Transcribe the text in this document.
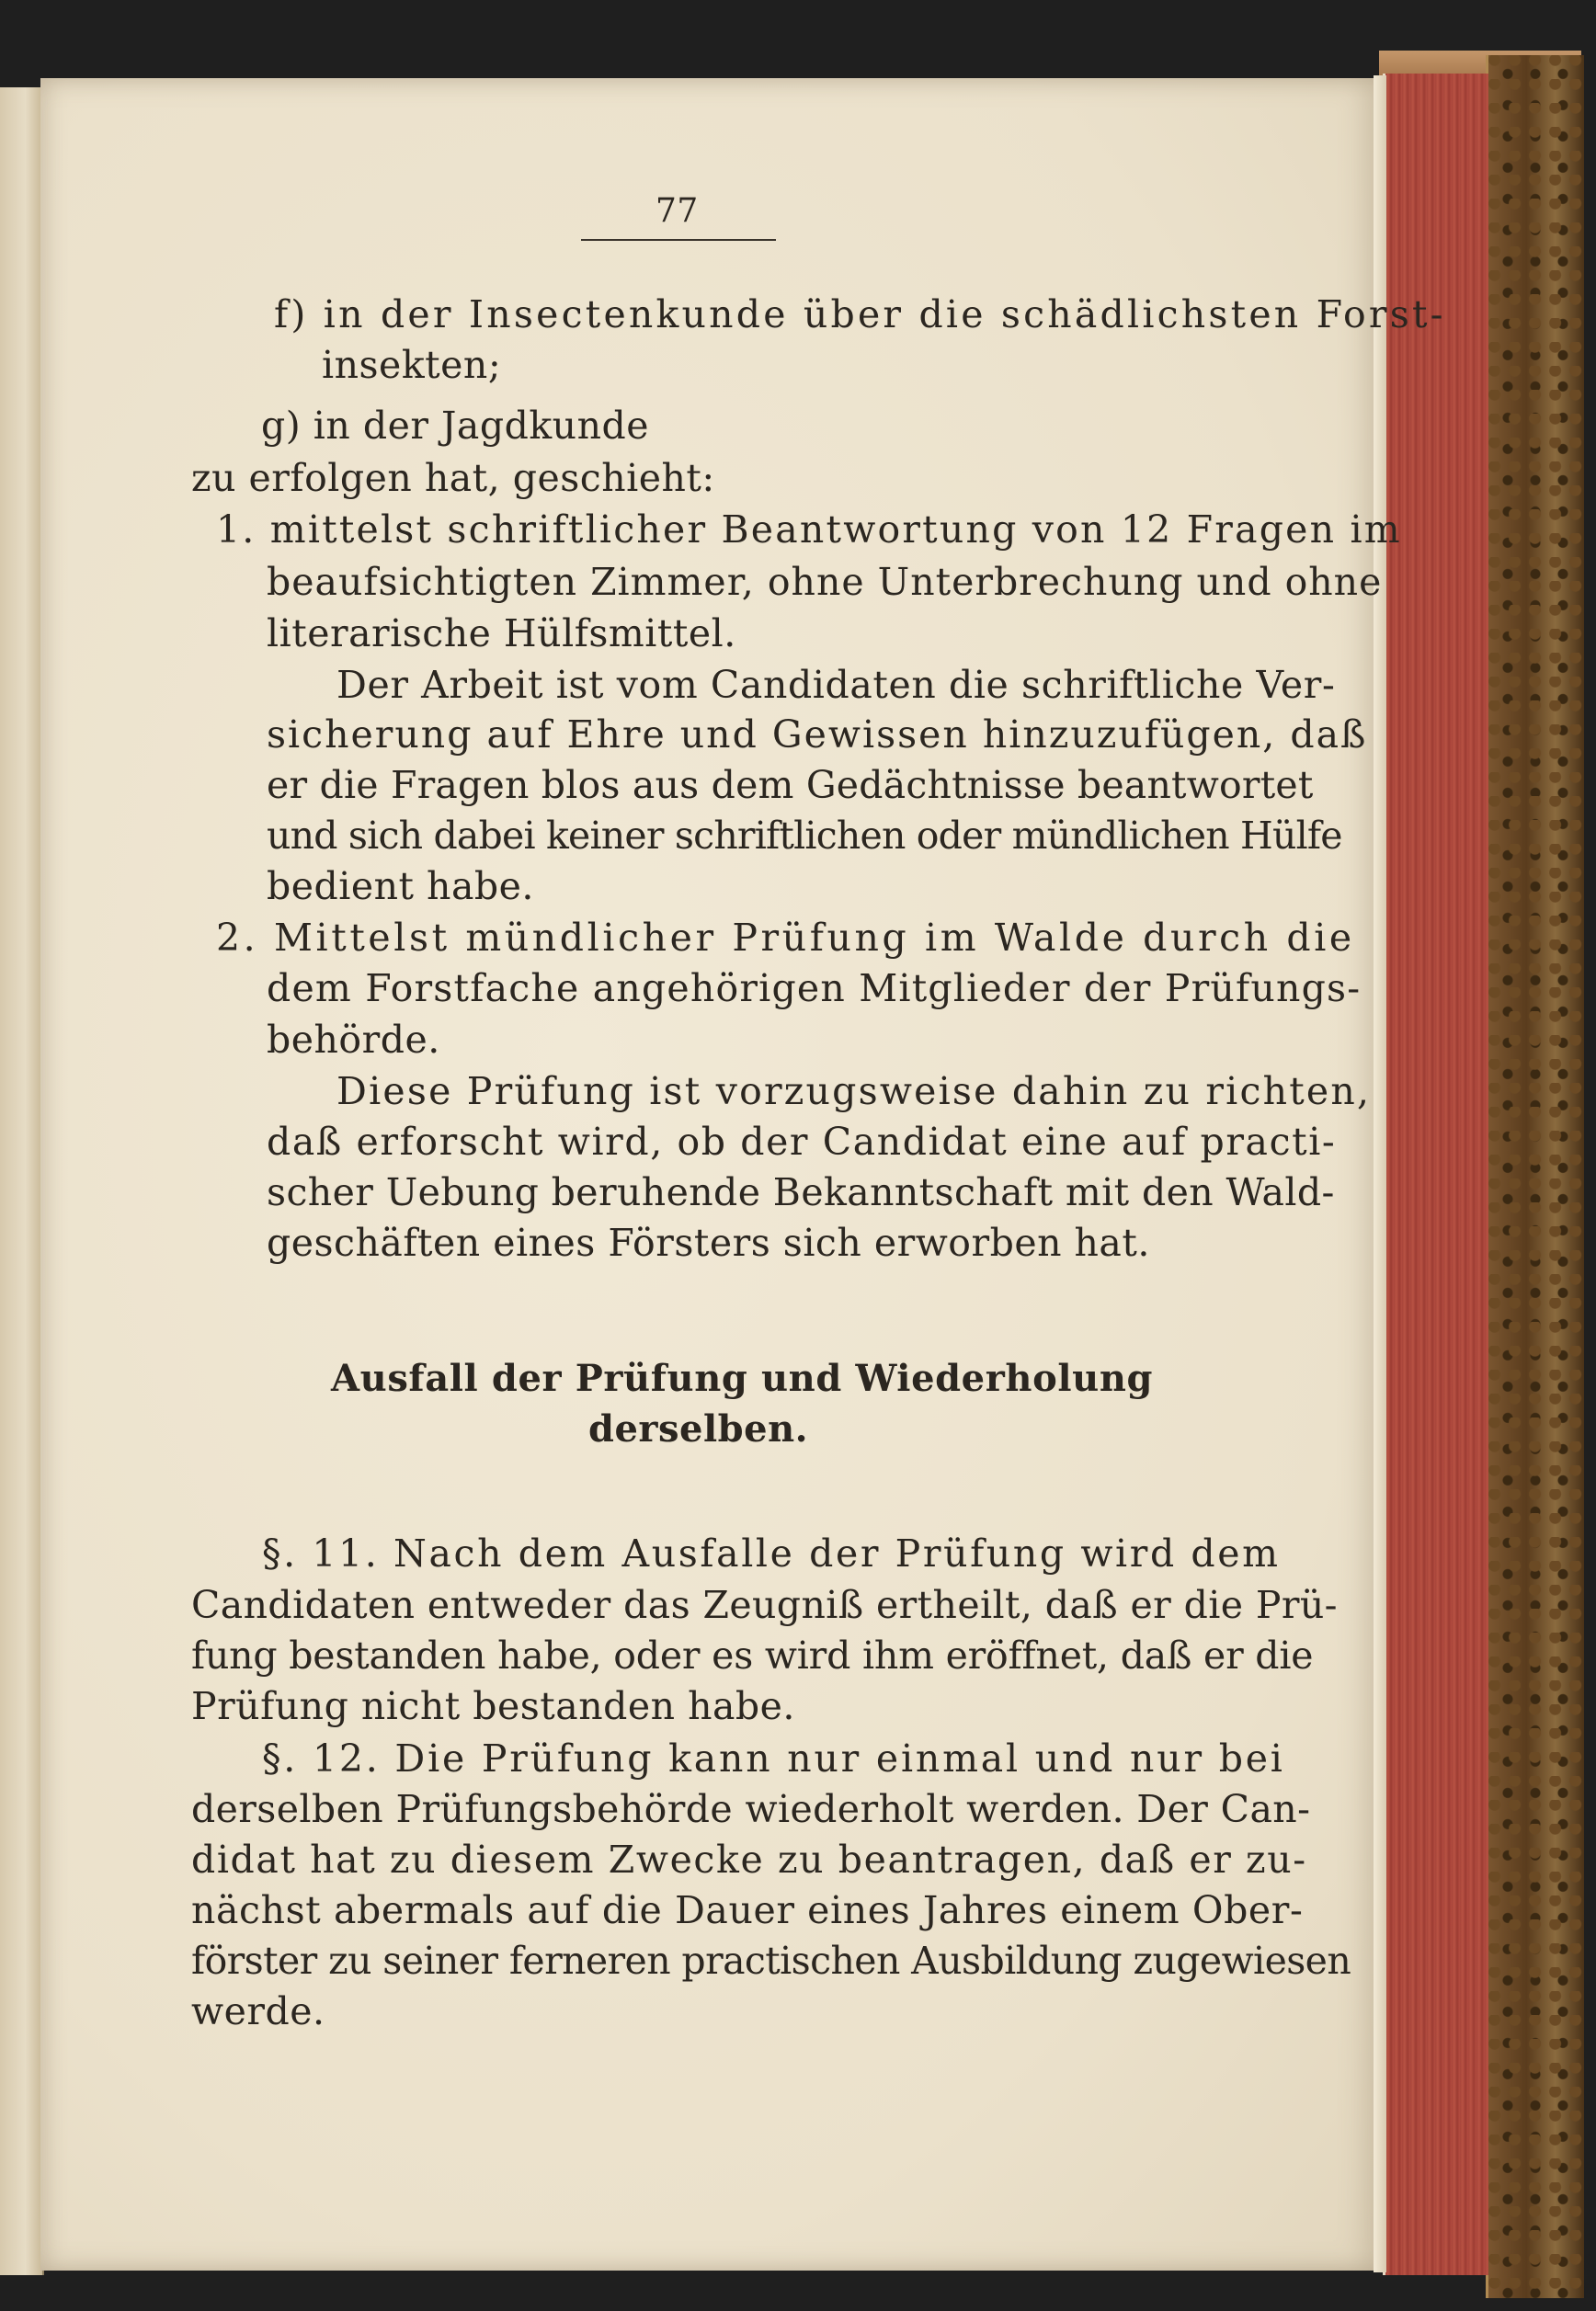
77

f) in der Insectenkunde über die schädlichsten Forst-

insekten;

g) in der Jagdkunde

zu erfolgen hat, geschieht:

1. mittelst schriftlicher Beantwortung von 12 Fragen im

beaufsichtigten Zimmer, ohne Unterbrechung und ohne

literarische Hülfsmittel.

Der Arbeit ist vom Candidaten die schriftliche Ver-

sicherung auf Ehre und Gewissen hinzuzufügen, daß

er die Fragen blos aus dem Gedächtnisse beantwortet

und sich dabei keiner schriftlichen oder mündlichen Hülfe

bedient habe.

2. Mittelst mündlicher Prüfung im Walde durch die

dem Forstfache angehörigen Mitglieder der Prüfungs-

behörde.

Diese Prüfung ist vorzugsweise dahin zu richten,

daß erforscht wird, ob der Candidat eine auf practi-

scher Uebung beruhende Bekanntschaft mit den Wald-

geschäften eines Försters sich erworben hat.

Ausfall der Prüfung und Wiederholung

derselben.

§. 11. Nach dem Ausfalle der Prüfung wird dem

Candidaten entweder das Zeugniß ertheilt, daß er die Prü-

fung bestanden habe, oder es wird ihm eröffnet, daß er die

Prüfung nicht bestanden habe.

§. 12. Die Prüfung kann nur einmal und nur bei

derselben Prüfungsbehörde wiederholt werden. Der Can-

didat hat zu diesem Zwecke zu beantragen, daß er zu-

nächst abermals auf die Dauer eines Jahres einem Ober-

förster zu seiner ferneren practischen Ausbildung zugewiesen

werde.
